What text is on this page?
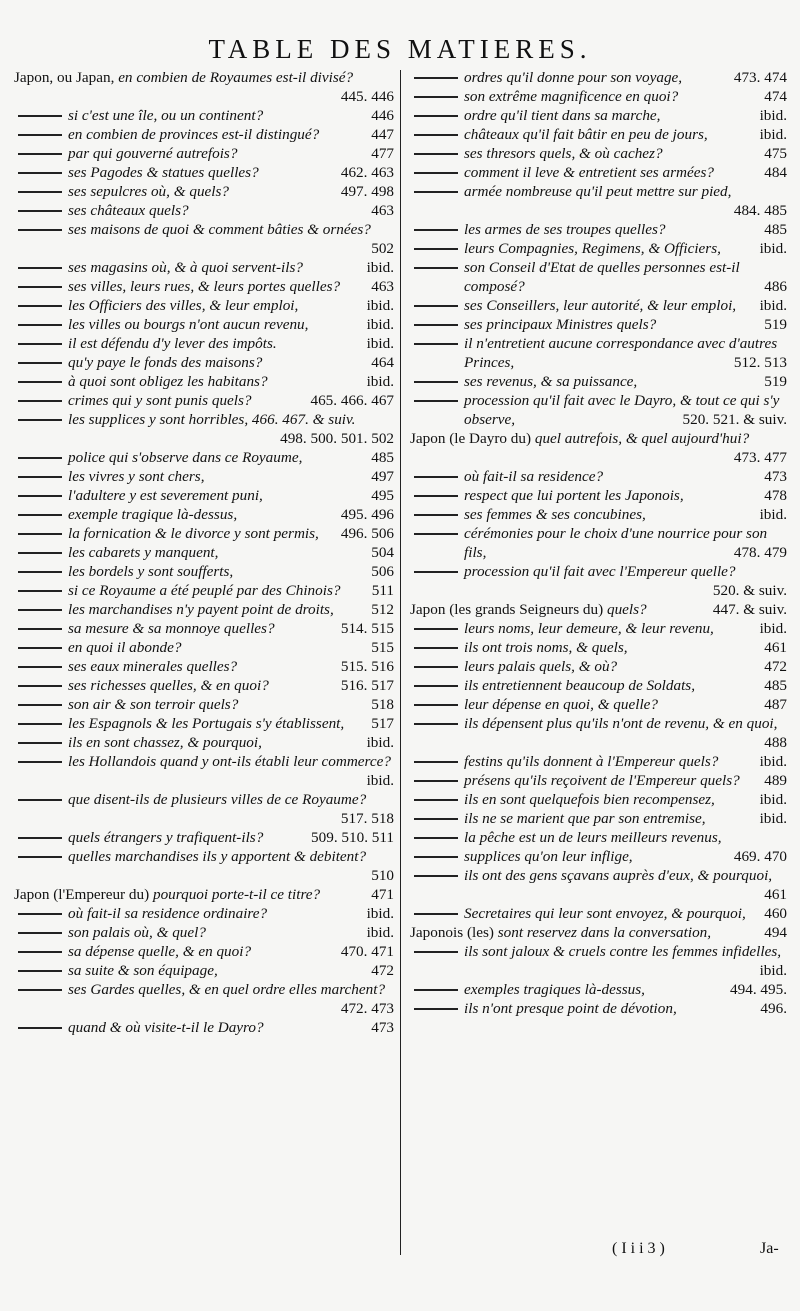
TABLE DES MATIERES.
Japon, ou Japan, en combien de Royaumes est-il divisé?
445. 446
si c'est une île, ou un continent?	446
en combien de provinces est-il distingué?	447
par qui gouverné autrefois?	477
ses Pagodes & statues quelles?	462. 463
ses sepulcres où, & quels?	497. 498
ses châteaux quels?	463
ses maisons de quoi & comment bâties & ornées?
502
ses magasins où, & à quoi servent-ils?	ibid.
ses villes, leurs rues, & leurs portes quelles? 463
les Officiers des villes, & leur emploi,	ibid.
les villes ou bourgs n'ont aucun revenu,	ibid.
il est défendu d'y lever des impôts.	ibid.
qu'y paye le fonds des maisons?	464
à quoi sont obligez les habitans?	ibid.
crimes qui y sont punis quels?	465. 466. 467
les supplices y sont horribles, 466. 467. & suiv.
498. 500. 501. 502
police qui s'observe dans ce Royaume,	485
les vivres y sont chers,	497
l'adultere y est severement puni,	495
exemple tragique là-dessus,	495. 496
la fornication & le divorce y sont permis, 496. 506
les cabarets y manquent,	504
les bordels y sont soufferts,	506
si ce Royaume a été peuplé par des Chinois? 511
les marchandises n'y payent point de droits, 512
sa mesure & sa monnoye quelles?	514. 515
en quoi il abonde?	515
ses eaux minerales quelles?	515. 516
ses richesses quelles, & en quoi?	516. 517
son air & son terroir quels?	518
les Espagnols & les Portugais s'y établissent, 517
ils en sont chassez, & pourquoi,	ibid.
les Hollandois quand y ont-ils établi leur commerce?
ibid.
que disent-ils de plusieurs villes de ce Royaume?
517. 518
quels étrangers y trafiquent-ils?	509. 510. 511
quelles marchandises ils y apportent & debitent?
510
Japon (l'Empereur du) pourquoi porte-t-il ce titre?	471
où fait-il sa residence ordinaire?	ibid.
son palais où, & quel?	ibid.
sa dépense quelle, & en quoi?	470. 471
sa suite & son équipage,	472
ses Gardes quelles, & en quel ordre elles marchent?
472. 473
quand & où visite-t-il le Dayro?	473
ordres qu'il donne pour son voyage,	473. 474
son extrême magnificence en quoi?	474
ordre qu'il tient dans sa marche,	ibid.
châteaux qu'il fait bâtir en peu de jours,	ibid.
ses thresors quels, & où cachez?	475
comment il leve & entretient ses armées?	484
armée nombreuse qu'il peut mettre sur pied,
484. 485
les armes de ses troupes quelles?	485
leurs Compagnies, Regimens, & Officiers,	ibid.
son Conseil d'Etat de quelles personnes est-il composé?	486
ses Conseillers, leur autorité, & leur emploi, ibid.
ses principaux Ministres quels?	519
il n'entretient aucune correspondance avec d'autres Princes,	512. 513
ses revenus, & sa puissance,	519
procession qu'il fait avec le Dayro, & tout ce qui s'y observe,	520. 521. & suiv.
Japon (le Dayro du) quel autrefois, & quel aujourd'hui?
473. 477
où fait-il sa residence?	473
respect que lui portent les Japonois,	478
ses femmes & ses concubines,	ibid.
cérémonies pour le choix d'une nourrice pour son fils,	478. 479
procession qu'il fait avec l'Empereur quelle?
520. & suiv.
Japon (les grands Seigneurs du) quels?	447. & suiv.
leurs noms, leur demeure, & leur revenu,	ibid.
ils ont trois noms, & quels,	461
leurs palais quels, & où?	472
ils entretiennent beaucoup de Soldats,	485
leur dépense en quoi, & quelle?	487
ils dépensent plus qu'ils n'ont de revenu, & en quoi,
488
festins qu'ils donnent à l'Empereur quels?	ibid.
présens qu'ils reçoivent de l'Empereur quels? 489
ils en sont quelquefois bien recompensez,	ibid.
ils ne se marient que par son entremise,	ibid.
la pêche est un de leurs meilleurs revenus,
supplices qu'on leur inflige,	469. 470
ils ont des gens sçavans auprès d'eux, & pourquoi,
461
Secretaires qui leur sont envoyez, & pourquoi, 460
Japonois (les) sont reservez dans la conversation,	494
ils sont jaloux & cruels contre les femmes infidelles,
ibid.
exemples tragiques là-dessus,	494. 495.
ils n'ont presque point de dévotion,	496.
( I i i 3 )	Ja-
